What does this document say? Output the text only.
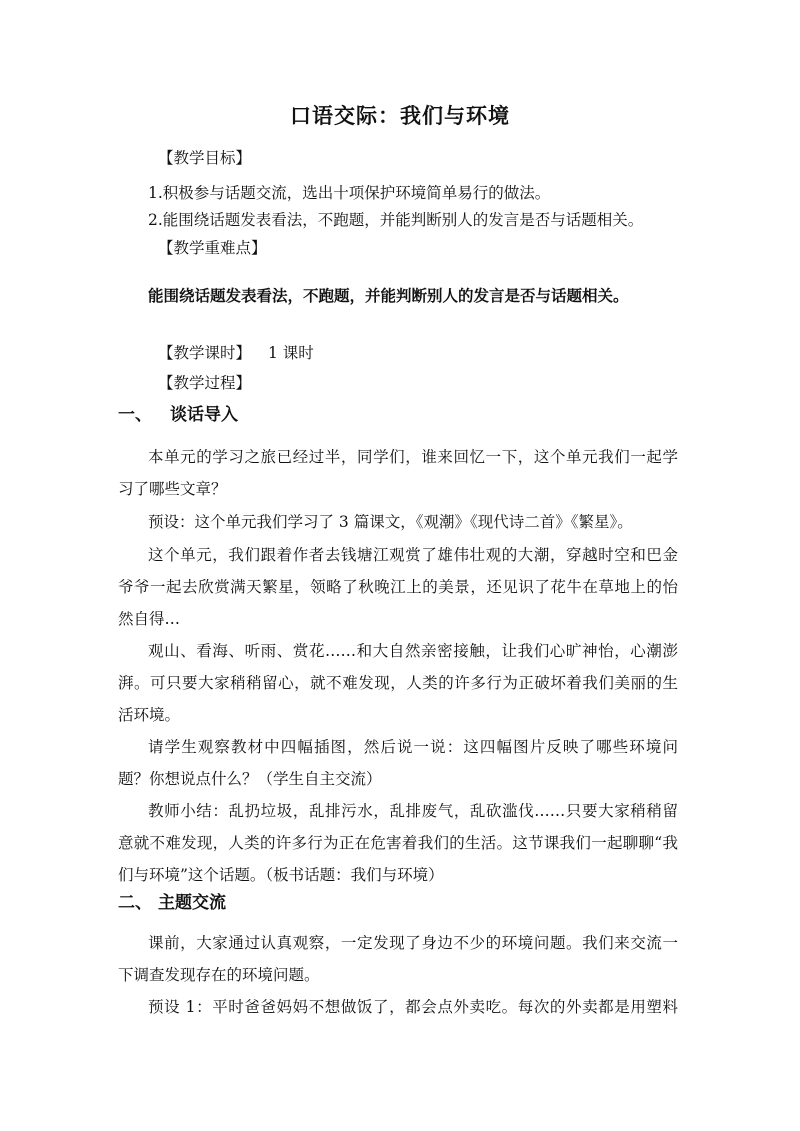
口语交际：我们与环境
【教学目标】
1.积极参与话题交流，选出十项保护环境简单易行的做法。
2.能围绕话题发表看法，不跑题，并能判断别人的发言是否与话题相关。
【教学重难点】
能围绕话题发表看法，不跑题，并能判断别人的发言是否与话题相关。
【教学课时】 1 课时
【教学过程】
一、 谈话导入
本单元的学习之旅已经过半，同学们，谁来回忆一下，这个单元我们一起学
习了哪些文章？
预设：这个单元我们学习了 3 篇课文，《观潮》《现代诗二首》《繁星》。
这个单元，我们跟着作者去钱塘江观赏了雄伟壮观的大潮，穿越时空和巴金
爷爷一起去欣赏满天繁星，领略了秋晚江上的美景，还见识了花牛在草地上的怡
然自得…
观山、看海、听雨、赏花……和大自然亲密接触，让我们心旷神怡，心潮澎
湃。可只要大家稍稍留心，就不难发现，人类的许多行为正破坏着我们美丽的生
活环境。
请学生观察教材中四幅插图，然后说一说：这四幅图片反映了哪些环境问
题？你想说点什么？（学生自主交流）
教师小结：乱扔垃圾，乱排污水，乱排废气，乱砍滥伐……只要大家稍稍留
意就不难发现，人类的许多行为正在危害着我们的生活。这节课我们一起聊聊“我
们与环境”这个话题。（板书话题：我们与环境）
二、 主题交流
课前，大家通过认真观察，一定发现了身边不少的环境问题。我们来交流一
下调查发现存在的环境问题。
预设 1：平时爸爸妈妈不想做饭了，都会点外卖吃。每次的外卖都是用塑料
